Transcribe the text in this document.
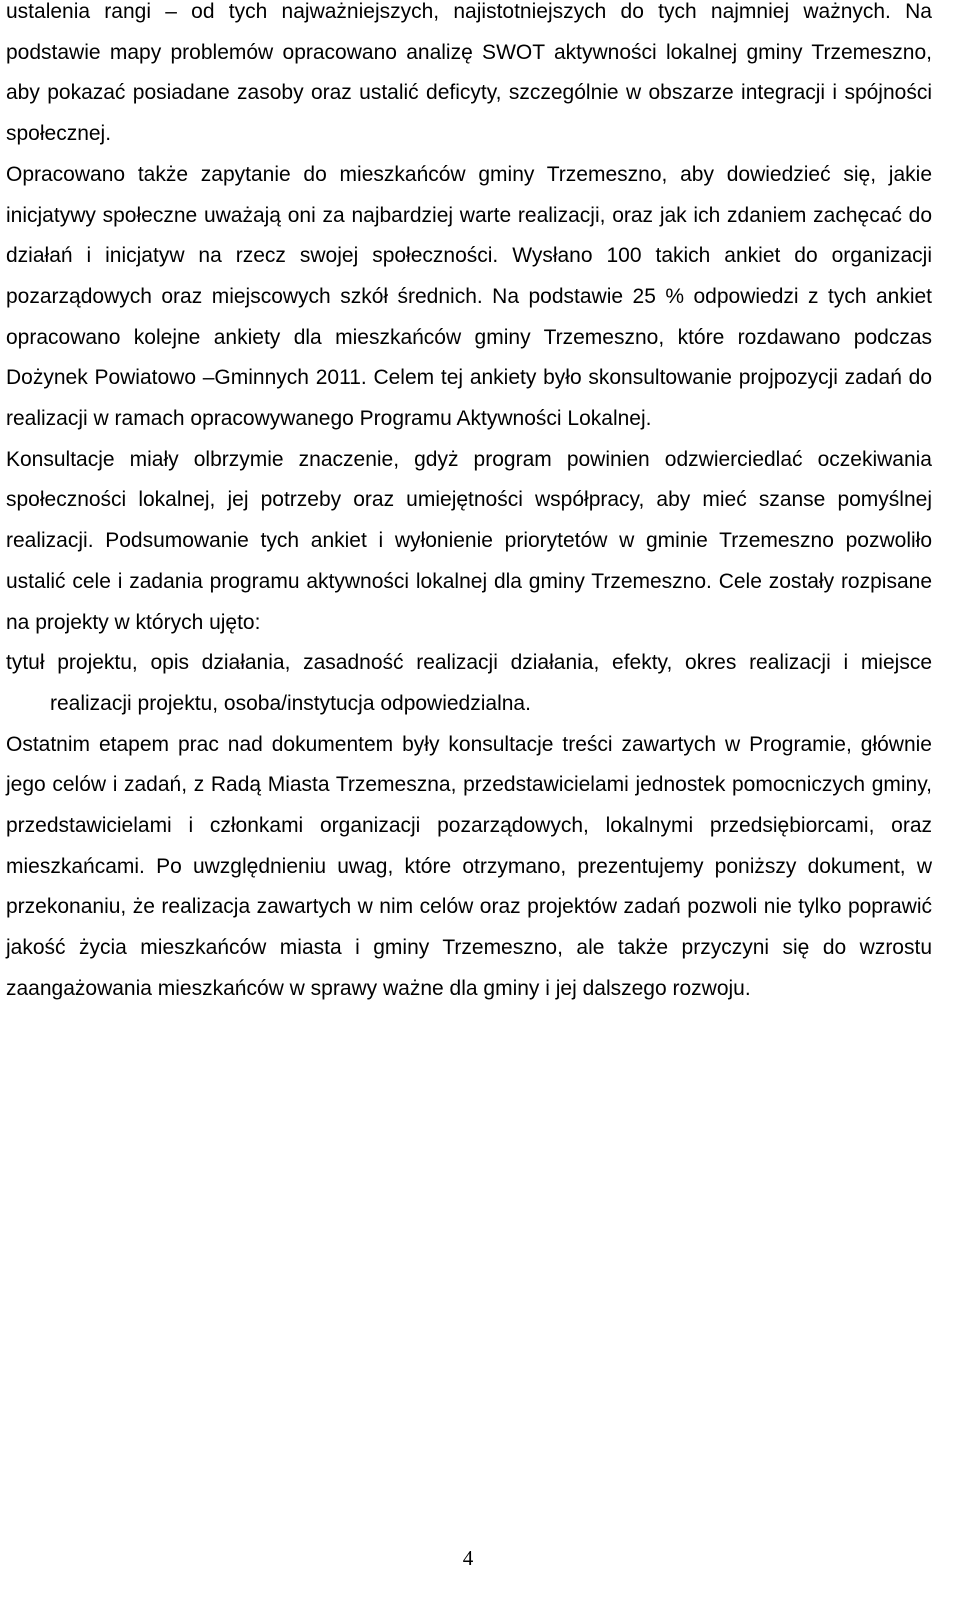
ustalenia rangi – od tych najważniejszych, najistotniejszych do tych najmniej ważnych. Na podstawie mapy problemów opracowano analizę SWOT aktywności lokalnej gminy Trzemeszno, aby pokazać posiadane zasoby oraz ustalić deficyty, szczególnie w obszarze integracji i spójności społecznej.

Opracowano także zapytanie do mieszkańców gminy Trzemeszno, aby dowiedzieć się, jakie inicjatywy społeczne uważają oni za najbardziej warte realizacji, oraz jak ich zdaniem zachęcać do działań i inicjatyw na rzecz swojej społeczności. Wysłano 100 takich ankiet do organizacji pozarządowych oraz miejscowych szkół średnich. Na podstawie 25 % odpowiedzi z tych ankiet opracowano kolejne ankiety dla mieszkańców gminy Trzemeszno, które rozdawano podczas Dożynek Powiatowo –Gminnych 2011. Celem tej ankiety było skonsultowanie projpozycji zadań do realizacji w ramach opracowywanego Programu Aktywności Lokalnej.

Konsultacje miały olbrzymie znaczenie, gdyż program powinien odzwierciedlać oczekiwania społeczności lokalnej, jej potrzeby oraz umiejętności współpracy, aby mieć szanse pomyślnej realizacji. Podsumowanie tych ankiet i wyłonienie priorytetów w gminie Trzemeszno pozwoliło ustalić cele i zadania programu aktywności lokalnej dla gminy Trzemeszno. Cele zostały rozpisane na projekty w których ujęto:

tytuł projektu, opis działania, zasadność realizacji działania, efekty, okres realizacji i miejsce realizacji projektu, osoba/instytucja odpowiedzialna.

Ostatnim etapem prac nad dokumentem były konsultacje treści zawartych w Programie, głównie jego celów i zadań, z Radą Miasta Trzemeszna, przedstawicielami jednostek pomocniczych gminy, przedstawicielami i członkami organizacji pozarządowych, lokalnymi przedsiębiorcami, oraz mieszkańcami. Po uwzględnieniu uwag, które otrzymano, prezentujemy poniższy dokument, w przekonaniu, że realizacja zawartych w nim celów oraz projektów zadań pozwoli nie tylko poprawić jakość życia mieszkańców miasta i gminy Trzemeszno, ale także przyczyni się do wzrostu zaangażowania mieszkańców w sprawy ważne dla gminy i jej dalszego rozwoju.

4
